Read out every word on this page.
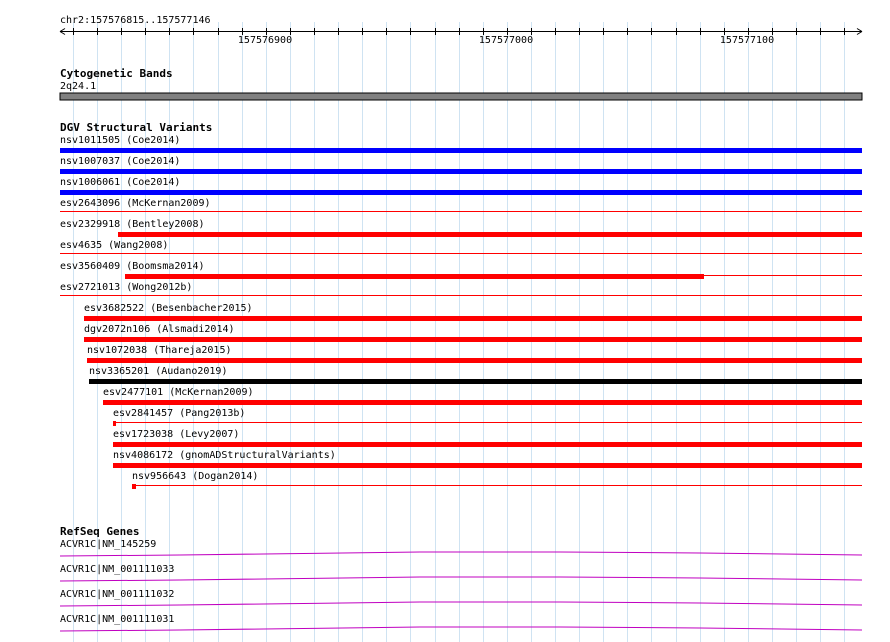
chr2:157576815..157577146
157576900	157577000	157577100
Cytogenetic Bands
2q24.1
DGV Structural Variants
nsv1011505 (Coe2014)
nsv1007037 (Coe2014)
nsv1006061 (Coe2014)
esv2643096 (McKernan2009)
esv2329918 (Bentley2008)
esv4635 (Wang2008)
esv3560409 (Boomsma2014)
esv2721013 (Wong2012b)
esv3682522 (Besenbacher2015)
dgv2072n106 (Alsmadi2014)
nsv1072038 (Thareja2015)
nsv3365201 (Audano2019)
esv2477101 (McKernan2009)
esv2841457 (Pang2013b)
esv1723038 (Levy2007)
nsv4086172 (gnomADStructuralVariants)
nsv956643 (Dogan2014)
RefSeq Genes
ACVR1C|NM_145259
ACVR1C|NM_001111033
ACVR1C|NM_001111032
ACVR1C|NM_001111031
